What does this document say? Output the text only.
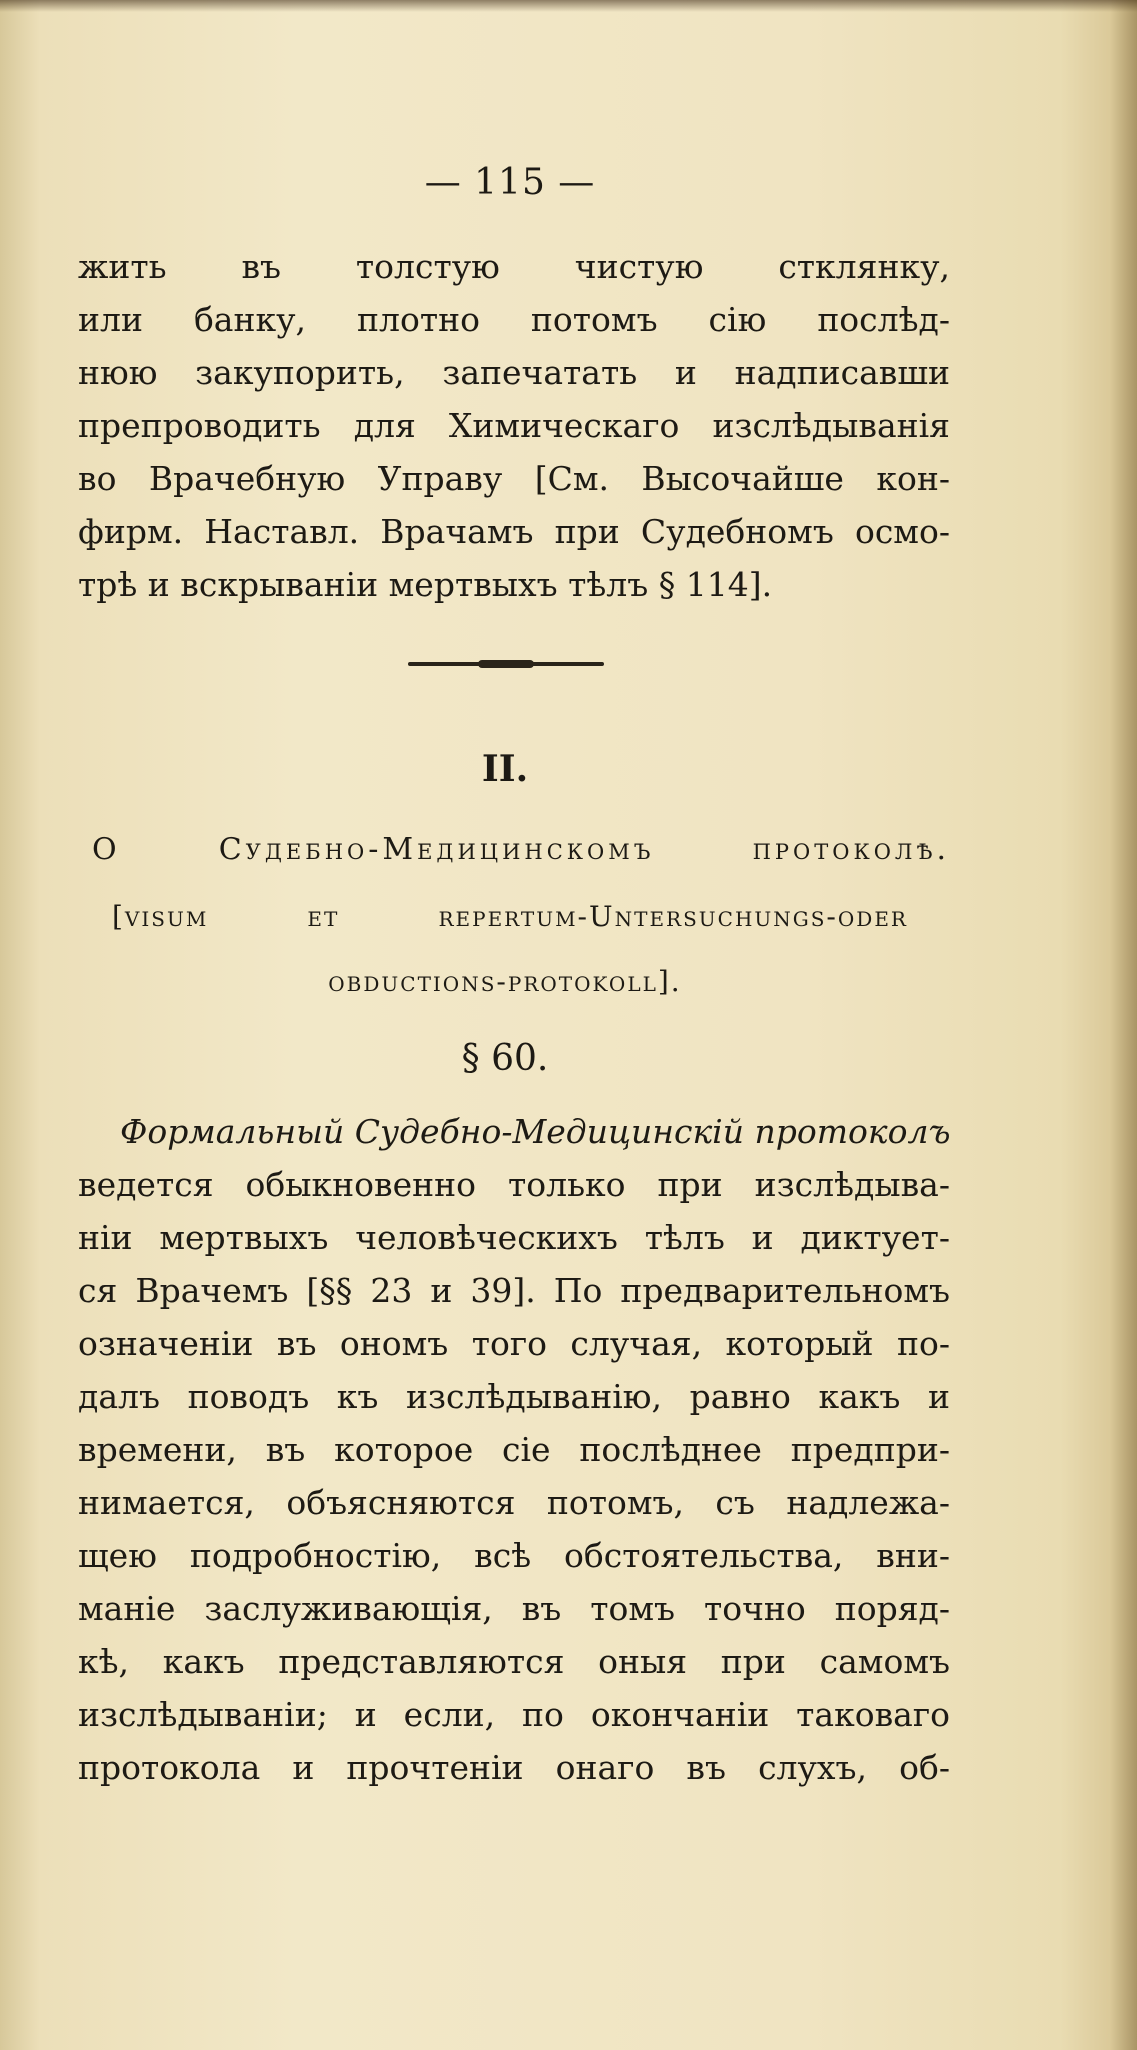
— 115 —
жить въ толстую чистую стклянку,
или банку, плотно потомъ сію послѣд-
нюю закупорить, запечатать и надписавши
препроводить для Химическаго изслѣдыванія
во Врачебную Управу [См. Высочайше кон-
фирм. Наставл. Врачамъ при Судебномъ осмо-
трѣ и вскрываніи мертвыхъ тѣлъ § 114].
II.
О Судебно-Медицинскомъ протоколѣ.
[visum et repertum-Untersuchungs-oder
obductions-protokoll].
§ 60.
Формальный Судебно-Медицинскій протоколъ
ведется обыкновенно только при изслѣдыва-
ніи мертвыхъ человѣческихъ тѣлъ и диктует-
ся Врачемъ [§§ 23 и 39]. По предварительномъ
означеніи въ ономъ того случая, который по-
далъ поводъ къ изслѣдыванію, равно какъ и
времени, въ которое сіе послѣднее предпри-
нимается, объясняются потомъ, съ надлежа-
щею подробностію, всѣ обстоятельства, вни-
маніе заслуживающія, въ томъ точно поряд-
кѣ, какъ представляются оныя при самомъ
изслѣдываніи; и если, по окончаніи таковаго
протокола и прочтеніи онаго въ слухъ, об-
